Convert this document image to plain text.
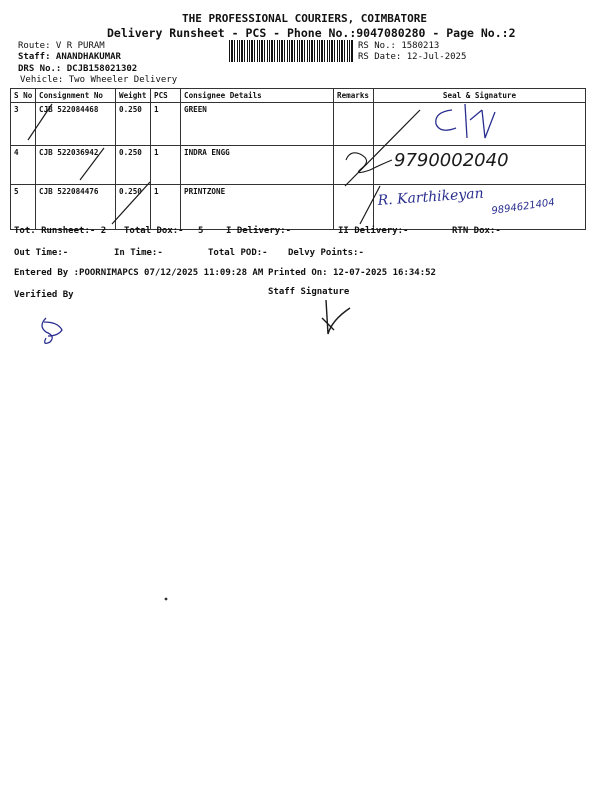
THE PROFESSIONAL COURIERS, COIMBATORE
Delivery Runsheet - PCS - Phone No.:9047080280 - Page No.:2
Route: V R PURAM
Staff: ANANDHAKUMAR
DRS No.: DCJB158021302
Vehicle: Two Wheeler Delivery
RS No.: 1580213
RS Date: 12-Jul-2025
S No	Consignment No	Weight	PCS	Consignee Details	Remarks	Seal & Signature
3	CJB 522084468	0.250	1	GREEN		
4	CJB 522036942	0.250	1	INDRA ENGG		
5	CJB 522084476	0.250	1	PRINTZONE		
Tot. Runsheet:- 2 Total Dox:- 5	I Delivery:-	II Delivery:-	RTN Dox:-
Out Time:-	In Time:-	Total POD:- Delvy Points:-
Entered By :POORNIMAPCS 07/12/2025 11:09:28 AM Printed On: 12-07-2025 16:34:52
Verified By	Staff Signature
9790002040
R. Karthikeyan 9894621404
